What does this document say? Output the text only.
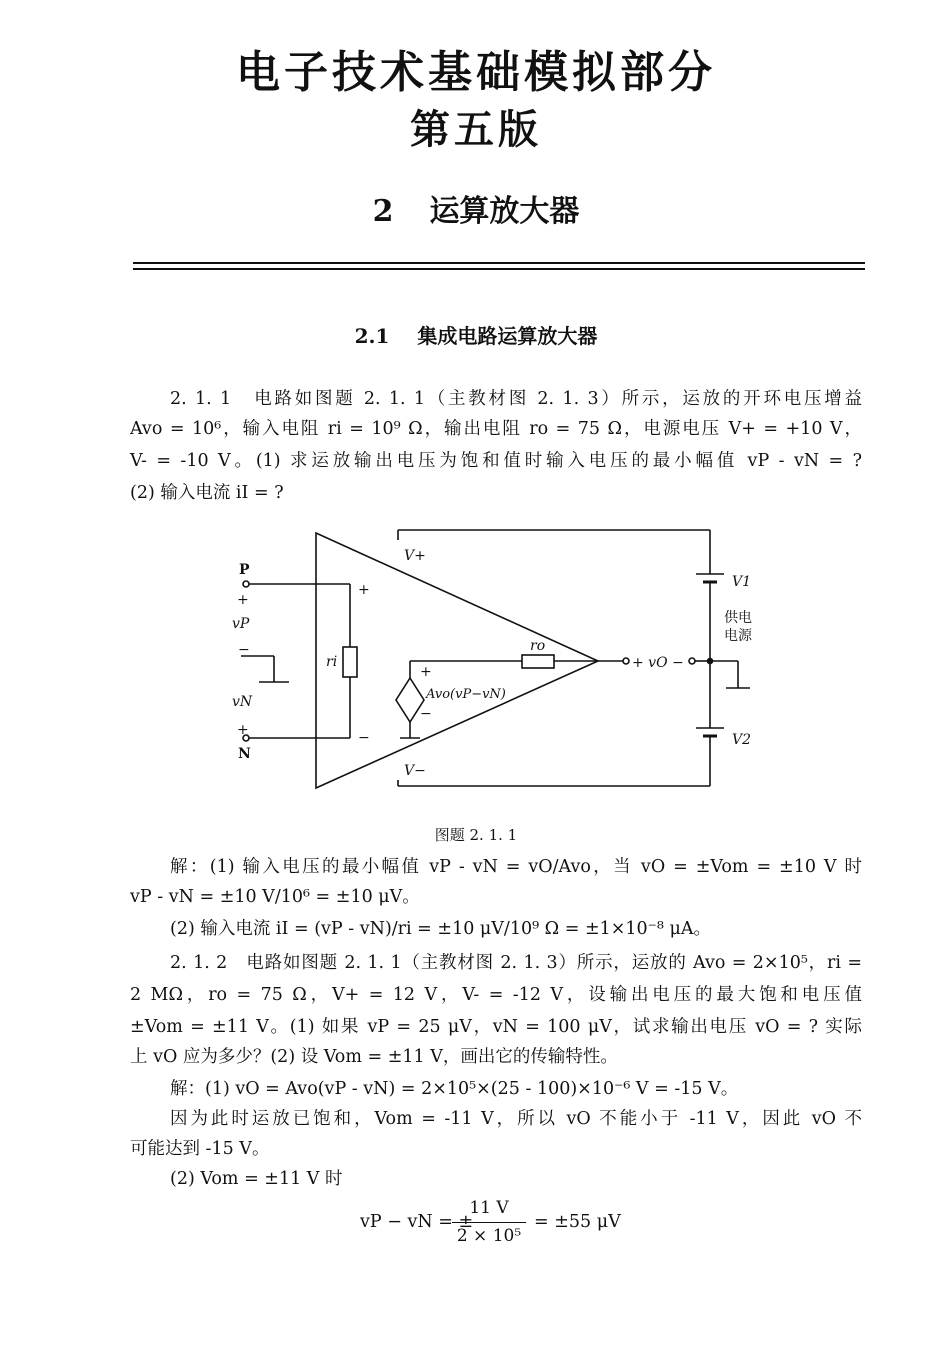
电子技术基础模拟部分
第五版
2 运算放大器
2.1 集成电路运算放大器
2. 1. 1　电路如图题 2. 1. 1（主教材图 2. 1. 3）所示，运放的开环电压增益
Avo = 10⁶，输入电阻 ri = 10⁹ Ω，输出电阻 ro = 75 Ω，电源电压 V+ = +10 V，
V- = -10 V。(1) 求运放输出电压为饱和值时输入电压的最小幅值 vP - vN = ?
(2) 输入电流 iI = ?
P
+
vP
−
vN
+
N
ri
ro
+
−
+
−
Avo(vP−vN)
V+
V−
+ vO −
V1
V2
供电
电源
图题 2. 1. 1
解：(1) 输入电压的最小幅值 vP - vN = vO/Avo，当 vO = ±Vom = ±10 V 时
vP - vN = ±10 V/10⁶ = ±10 μV。
(2) 输入电流 iI = (vP - vN)/ri = ±10 μV/10⁹ Ω = ±1×10⁻⁸ μA。
2. 1. 2　电路如图题 2. 1. 1（主教材图 2. 1. 3）所示，运放的 Avo = 2×10⁵，ri =
2 MΩ，ro = 75 Ω，V+ = 12 V，V- = -12 V，设输出电压的最大饱和电压值
±Vom = ±11 V。(1) 如果 vP = 25 μV，vN = 100 μV，试求输出电压 vO = ? 实际
上 vO 应为多少？(2) 设 Vom = ±11 V，画出它的传输特性。
解：(1) vO = Avo(vP - vN) = 2×10⁵×(25 - 100)×10⁻⁶ V = -15 V。
因为此时运放已饱和，Vom = -11 V，所以 vO 不能小于 -11 V，因此 vO 不
可能达到 -15 V。
(2) Vom = ±11 V 时
vP − vN = ±
11 V
2 × 10⁵
= ±55 μV
